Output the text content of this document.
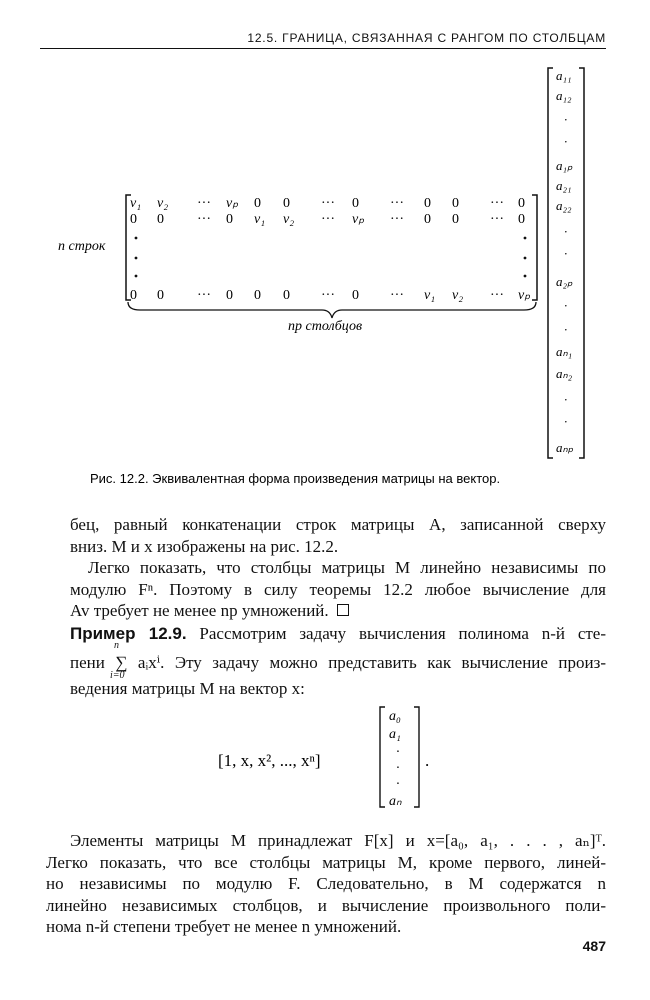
12.5. ГРАНИЦА, СВЯЗАННАЯ С РАНГОМ ПО СТОЛБЦАМ
n строк
np столбцов
v₁ v₂ ··· vₚ 0 0 ··· 0 ··· 0 0 ··· 0
0 0 ··· 0 v₁ v₂ ··· vₚ ··· 0 0 ··· 0
0 0 ··· 0 0 0 ··· 0 ··· v₁ v₂ ··· vₚ
a₁₁
a₁₂
·
·
a₁ₚ
a₂₁
a₂₂
·
·
a₂ₚ
·
·
aₙ₁
aₙ₂
·
·
aₙₚ
Рис. 12.2. Эквивалентная форма произведения матрицы на вектор.
[1, x, x², ..., xⁿ]
a₀
a₁
·
·
·
aₙ
.
бец, равный конкатенации строк матрицы A, записанной сверху
вниз. M и x изображены на рис. 12.2.
Легко показать, что столбцы матрицы M линейно независимы по
модулю Fⁿ. Поэтому в силу теоремы 12.2 любое вычисление для
Av требует не менее np умножений.
Пример 12.9. Рассмотрим задачу вычисления полинома n-й сте-
пени ∑ aᵢxⁱ. Эту задачу можно представить как вычисление произ-
ведения матрицы M на вектор x:
n
i=0
Элементы матрицы M принадлежат F[x] и x=[a₀, a₁, . . . , aₙ]ᵀ.
Легко показать, что все столбцы матрицы M, кроме первого, линей-
но независимы по модулю F. Следовательно, в M содержатся n
линейно независимых столбцов, и вычисление произвольного поли-
нома n-й степени требует не менее n умножений.
487
